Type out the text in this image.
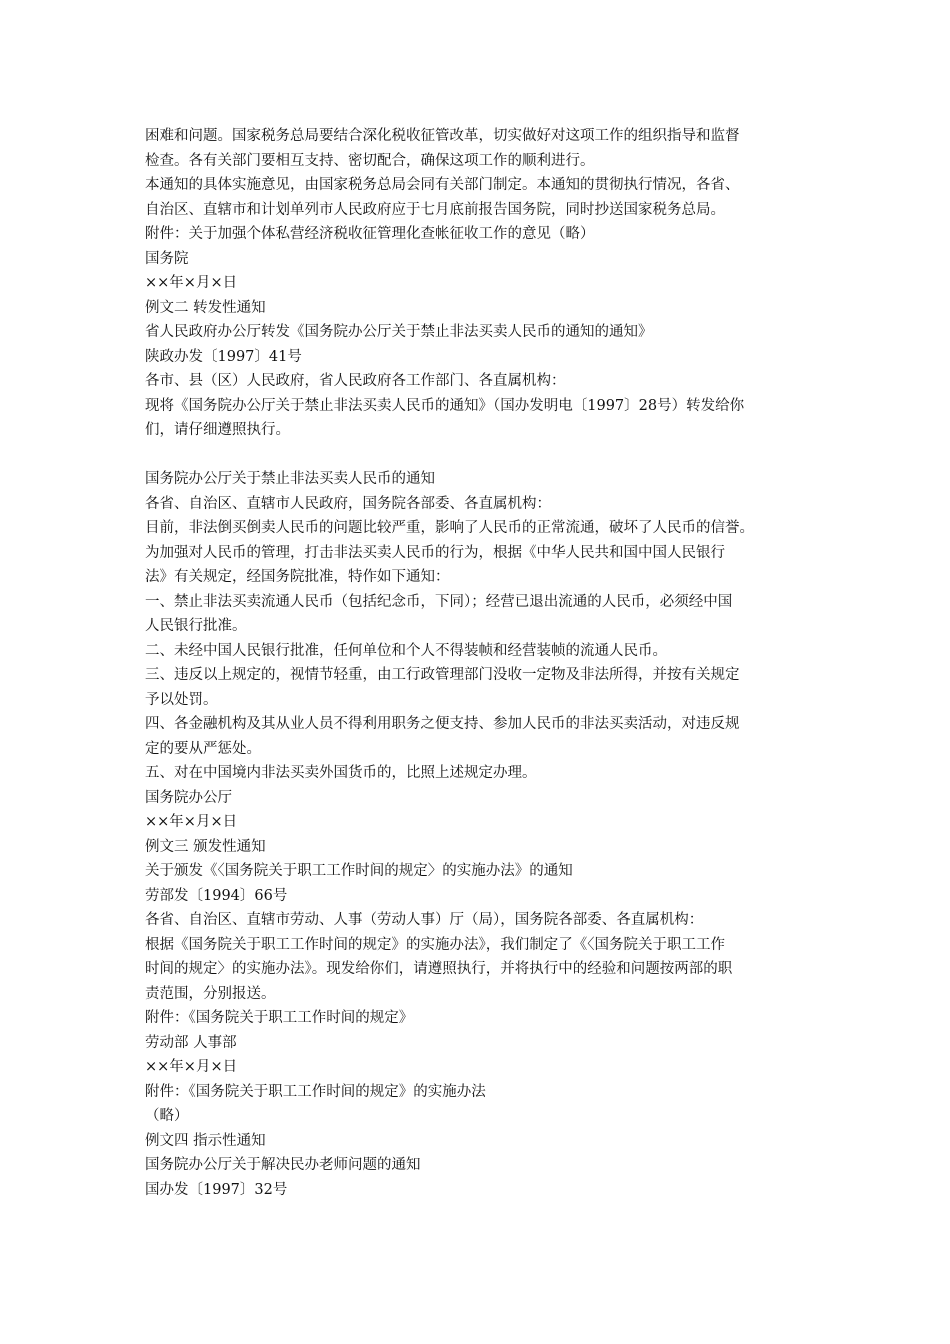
困难和问题。国家税务总局要结合深化税收征管改革，切实做好对这项工作的组织指导和监督
检查。各有关部门要相互支持、密切配合，确保这项工作的顺利进行。
本通知的具体实施意见，由国家税务总局会同有关部门制定。本通知的贯彻执行情况，各省、
自治区、直辖市和计划单列市人民政府应于七月底前报告国务院，同时抄送国家税务总局。
附件：关于加强个体私营经济税收征管理化查帐征收工作的意见（略）
国务院
××年×月×日
例文二 转发性通知
省人民政府办公厅转发《国务院办公厅关于禁止非法买卖人民币的通知的通知》
陕政办发〔1997〕41号
各市、县（区）人民政府，省人民政府各工作部门、各直属机构：
现将《国务院办公厅关于禁止非法买卖人民币的通知》（国办发明电〔1997〕28号）转发给你
们，请仔细遵照执行。
国务院办公厅关于禁止非法买卖人民币的通知
各省、自治区、直辖市人民政府，国务院各部委、各直属机构：
目前，非法倒买倒卖人民币的问题比较严重，影响了人民币的正常流通，破坏了人民币的信誉。
为加强对人民币的管理，打击非法买卖人民币的行为，根据《中华人民共和国中国人民银行
法》有关规定，经国务院批准，特作如下通知：
一、禁止非法买卖流通人民币（包括纪念币，下同）；经营已退出流通的人民币，必须经中国
人民银行批准。
二、未经中国人民银行批准，任何单位和个人不得装帧和经营装帧的流通人民币。
三、违反以上规定的，视情节轻重，由工行政管理部门没收一定物及非法所得，并按有关规定
予以处罚。
四、各金融机构及其从业人员不得利用职务之便支持、参加人民币的非法买卖活动，对违反规
定的要从严惩处。
五、对在中国境内非法买卖外国货币的，比照上述规定办理。
国务院办公厅
××年×月×日
例文三 颁发性通知
关于颁发《〈国务院关于职工工作时间的规定〉的实施办法》的通知
劳部发〔1994〕66号
各省、自治区、直辖市劳动、人事（劳动人事）厅（局），国务院各部委、各直属机构：
根据《国务院关于职工工作时间的规定》的实施办法》，我们制定了《〈国务院关于职工工作
时间的规定〉的实施办法》。现发给你们，请遵照执行，并将执行中的经验和问题按两部的职
责范围，分别报送。
附件：《国务院关于职工工作时间的规定》
劳动部 人事部
××年×月×日
附件：《国务院关于职工工作时间的规定》的实施办法
（略）
例文四 指示性通知
国务院办公厅关于解决民办老师问题的通知
国办发〔1997〕32号
